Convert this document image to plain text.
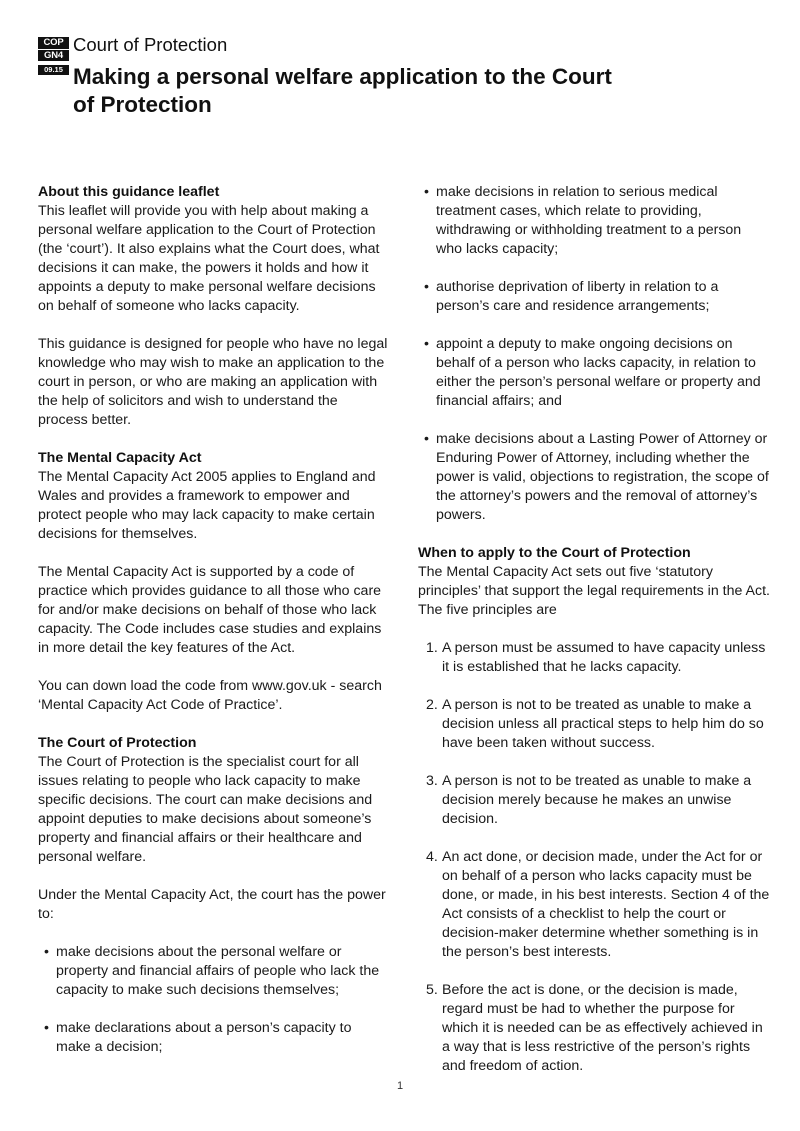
COP
GN4
09.15
Court of Protection
Making a personal welfare application to the Court of Protection
About this guidance leaflet

This leaflet will provide you with help about making a personal welfare application to the Court of Protection (the ‘court’). It also explains what the Court does, what decisions it can make, the powers it holds and how it appoints a deputy to make personal welfare decisions on behalf of someone who lacks capacity.

This guidance is designed for people who have no legal knowledge who may wish to make an application to the court in person, or who are making an application with the help of solicitors and wish to understand the process better.

The Mental Capacity Act

The Mental Capacity Act 2005 applies to England and Wales and provides a framework to empower and protect people who may lack capacity to make certain decisions for themselves.

The Mental Capacity Act is supported by a code of practice which provides guidance to all those who care for and/or make decisions on behalf of those who lack capacity. The Code includes case studies and explains in more detail the key features of the Act.

You can down load the code from www.gov.uk - search ‘Mental Capacity Act Code of Practice’.

The Court of Protection

The Court of Protection is the specialist court for all issues relating to people who lack capacity to make specific decisions. The court can make decisions and appoint deputies to make decisions about someone’s property and financial affairs or their healthcare and personal welfare.

Under the Mental Capacity Act, the court has the power to:

• make decisions about the personal welfare or property and financial affairs of people who lack the capacity to make such decisions themselves;
• make declarations about a person’s capacity to make a decision;
• make decisions in relation to serious medical treatment cases, which relate to providing, withdrawing or withholding treatment to a person who lacks capacity;
• authorise deprivation of liberty in relation to a person’s care and residence arrangements;
• appoint a deputy to make ongoing decisions on behalf of a person who lacks capacity, in relation to either the person’s personal welfare or property and financial affairs; and
• make decisions about a Lasting Power of Attorney or Enduring Power of Attorney, including whether the power is valid, objections to registration, the scope of the attorney’s powers and the removal of attorney’s powers.
When to apply to the Court of Protection

The Mental Capacity Act sets out five ‘statutory principles’ that support the legal requirements in the Act. The five principles are

1. A person must be assumed to have capacity unless it is established that he lacks capacity.
2. A person is not to be treated as unable to make a decision unless all practical steps to help him do so have been taken without success.
3. A person is not to be treated as unable to make a decision merely because he makes an unwise decision.
4. An act done, or decision made, under the Act for or on behalf of a person who lacks capacity must be done, or made, in his best interests. Section 4 of the Act consists of a checklist to help the court or decision-maker determine whether something is in the person’s best interests.
5. Before the act is done, or the decision is made, regard must be had to whether the purpose for which it is needed can be as effectively achieved in a way that is less restrictive of the person’s rights and freedom of action.
1
